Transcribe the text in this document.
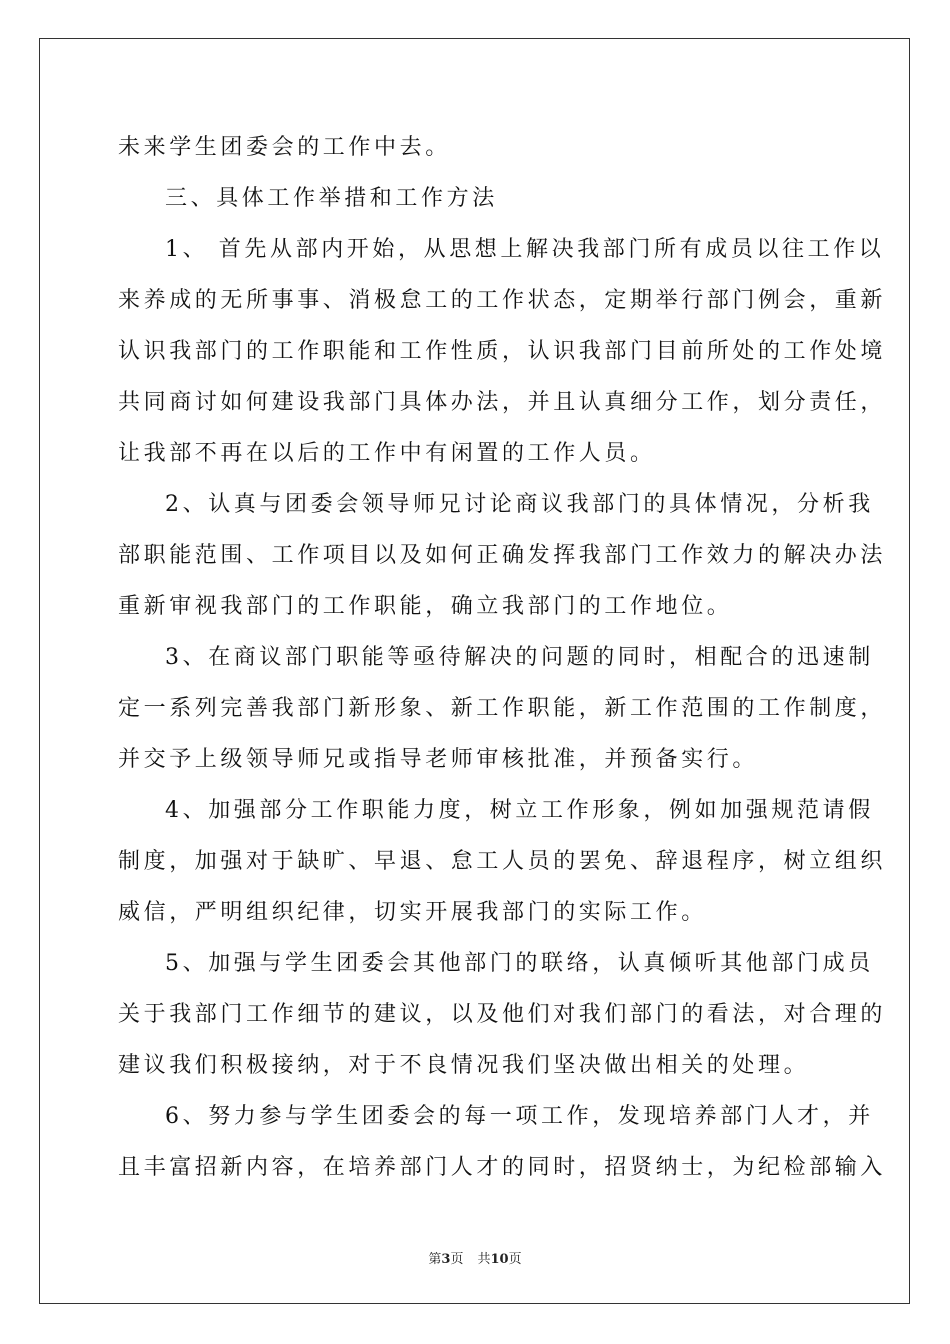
未来学生团委会的工作中去。
三、具体工作举措和工作方法
1、 首先从部内开始，从思想上解决我部门所有成员以往工作以
来养成的无所事事、消极怠工的工作状态，定期举行部门例会，重新
认识我部门的工作职能和工作性质，认识我部门目前所处的工作处境
共同商讨如何建设我部门具体办法，并且认真细分工作，划分责任，
让我部不再在以后的工作中有闲置的工作人员。
2、认真与团委会领导师兄讨论商议我部门的具体情况，分析我
部职能范围、工作项目以及如何正确发挥我部门工作效力的解决办法
重新审视我部门的工作职能，确立我部门的工作地位。
3、在商议部门职能等亟待解决的问题的同时，相配合的迅速制
定一系列完善我部门新形象、新工作职能，新工作范围的工作制度，
并交予上级领导师兄或指导老师审核批准，并预备实行。
4、加强部分工作职能力度，树立工作形象，例如加强规范请假
制度，加强对于缺旷、早退、怠工人员的罢免、辞退程序，树立组织
威信，严明组织纪律，切实开展我部门的实际工作。
5、加强与学生团委会其他部门的联络，认真倾听其他部门成员
关于我部门工作细节的建议，以及他们对我们部门的看法，对合理的
建议我们积极接纳，对于不良情况我们坚决做出相关的处理。
6、努力参与学生团委会的每一项工作，发现培养部门人才，并
且丰富招新内容，在培养部门人才的同时，招贤纳士，为纪检部输入
第3页 共10页
